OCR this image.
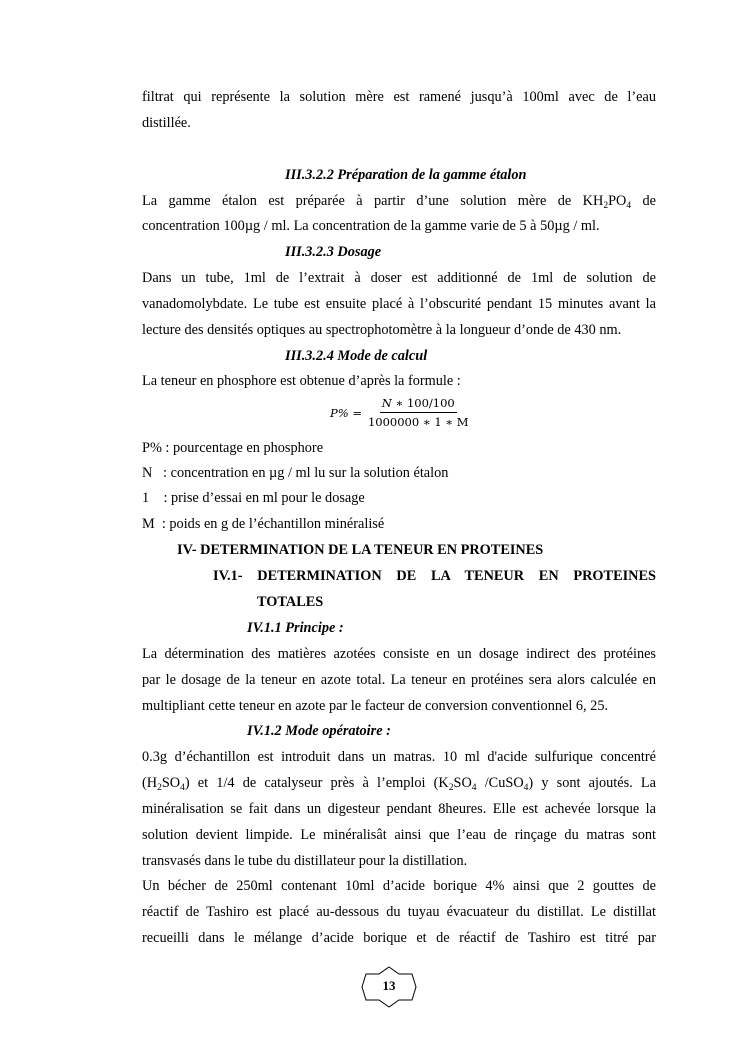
filtrat qui représente la solution mère est ramené jusqu’à 100ml avec de l’eau
distillée.
III.3.2.2 Préparation de la gamme étalon
La gamme étalon est préparée à partir d’une solution mère de $KH_2PO_4$ de
concentration 100µg / ml. La concentration de la gamme varie de 5 à 50µg / ml.
III.3.2.3 Dosage
Dans un tube, 1ml de l’extrait à doser est additionné de 1ml de solution de
vanadomolybdate. Le tube est ensuite placé à l’obscurité pendant 15 minutes avant la
lecture des densités optiques au spectrophotomètre à la longueur d’onde de 430 nm.
III.3.2.4 Mode de calcul
La teneur en phosphore est obtenue d’après la formule :
𝑃% = $\frac{\text{𝑁 ∗ 100/100}}{1000000 ∗ 1 ∗ M}$
P% : pourcentage en phosphore
N   : concentration en µg / ml lu sur la solution étalon
1    : prise d’essai en ml pour le dosage
M  : poids en g de l’échantillon minéralisé
IV- DETERMINATION DE LA TENEUR EN PROTEINES
IV.1- DETERMINATION DE LA TENEUR EN PROTEINES
TOTALES
IV.1.1 Principe :
La détermination des matières azotées consiste en un dosage indirect des protéines
par le dosage de la teneur en azote total. La teneur en protéines sera alors calculée en
multipliant cette teneur en azote par le facteur de conversion conventionnel 6, 25.
IV.1.2 Mode opératoire :
0.3g d’échantillon est introduit dans un matras. 10 ml d'acide sulfurique concentré
$(H_2SO_4)$ et 1/4 de catalyseur près à l’emploi ($K_2SO_4$ /CuSO$_4$) y sont ajoutés. La
minéralisation se fait dans un digesteur pendant 8heures. Elle est achevée lorsque la
solution devient limpide. Le minéralisât ainsi que l’eau de rinçage du matras sont
transvasés dans le tube du distillateur pour la distillation.
Un bécher de 250ml contenant 10ml d’acide borique 4% ainsi que 2 gouttes de
réactif de Tashiro est placé au-dessous du tuyau évacuateur du distillat. Le distillat
recueilli dans le mélange d’acide borique et de réactif de Tashiro est titré par
13
